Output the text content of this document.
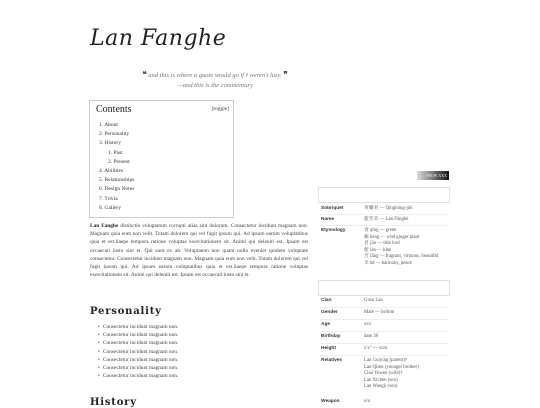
Lan Fanghe
❝ and this is where a quote would go if I weren't lazy. ❞
—and this is the commentary
Contents	[toggle]
1. About
2. Personality
3. History
1. Past
2. Present
4. Abilities
5. Relationships
6. Design Notes
7. Trivia
8. Gallery
Lan Fanghe distinctio voluptatum corrupti alias sint dolorum. Consectetur incidunt magnam non. Magnam quia eum non velit. Totam dolorem qui vel fugit ipsum qui. Ad ipsum earum voluptatibus quia et est.Saepe tempora ratione voluptas exercitationem sit. Animi qui deleniti est. Ipsam est occaecati iusto sint et. Qui sunt ex ab. Voluptatem non quam nulla eveniet quidem voluptate consectetur. Consectetur incidunt magnam non. Magnam quia eum non velit. Totam dolorem qui vel fugit ipsum qui. Ad ipsum earum voluptatibus quia et est.Saepe tempora ratione voluptas exercitationem sit. Animi qui deleniti est. Ipsam est occaecati iusto sint et.
Personality
• Consectetur incidunt magnam non.
• Consectetur incidunt magnam non.
• Consectetur incidunt magnam non.
• Consectetur incidunt magnam non.
• Consectetur incidunt magnam non.
• Consectetur incidunt magnam non.
• Consectetur incidunt magnam non.
History
SHOW XXX
Sobriquet	青蘭君 — Qinghóng-jūn
Name	藍芳禾 — Lán Fānghé
Etymology	青 qīng — green
蘅 héng — wild ginger plant
君 jūn — title lord
藍 lán — blue
芳 fāng — fragrant, virtuous, beautiful
禾 hé — harmony, peace
Clan	Gusu Lan
Gender	Male — he/him
Age	xxx
Birthday	date 38
Height	x'x" — xcm
Relatives	Lan Guiying (parent)†
Lan Qiren (younger brother)
Chai Yuwen (wife)†
Lan Xichen (son)
Lan Wangji (son)
Weapon	n/a
